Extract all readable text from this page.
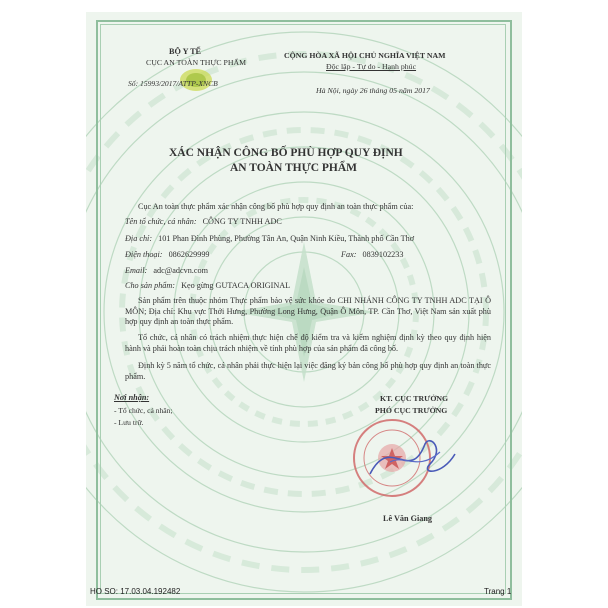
BỘ Y TẾ
CỤC AN TOÀN THỰC PHẨM
Số: 15993/2017/ATTP-XNCB
CỘNG HÒA XÃ HỘI CHỦ NGHĨA VIỆT NAM
Độc lập - Tự do - Hạnh phúc
Hà Nội, ngày 26 tháng 05 năm 2017
XÁC NHẬN CÔNG BỐ PHÙ HỢP QUY ĐỊNH
AN TOÀN THỰC PHẨM
Cục An toàn thực phẩm xác nhận công bố phù hợp quy định an toàn thực phẩm của:
Tên tổ chức, cá nhân: CÔNG TY TNHH ADC
Địa chỉ: 101 Phan Đình Phùng, Phường Tân An, Quận Ninh Kiều, Thành phố Cần Thơ
Điện thoại: 0862629999	Fax: 0839102233
Email: adc@adcvn.com
Cho sản phẩm: Kẹo gừng GUTACA ORIGINAL
Sản phẩm trên thuộc nhóm Thực phẩm bảo vệ sức khỏe do CHI NHÁNH CÔNG TY TNHH ADC TẠI Ô MÔN; Địa chỉ: Khu vực Thới Hưng, Phường Long Hưng, Quận Ô Môn, TP. Cần Thơ, Việt Nam sản xuất phù hợp quy định an toàn thực phẩm.
Tổ chức, cá nhân có trách nhiệm thực hiện chế độ kiểm tra và kiểm nghiệm định kỳ theo quy định hiện hành và phải hoàn toàn chịu trách nhiệm về tính phù hợp của sản phẩm đã công bố.
Định kỳ 5 năm tổ chức, cá nhân phải thực hiện lại việc đăng ký bản công bố phù hợp quy định an toàn thực phẩm.
Nơi nhận:
- Tổ chức, cá nhân;
- Lưu trữ.
KT. CỤC TRƯỞNG
PHÓ CỤC TRƯỞNG
Lê Văn Giang
HO SO: 17.03.04.192482	Trang 1
